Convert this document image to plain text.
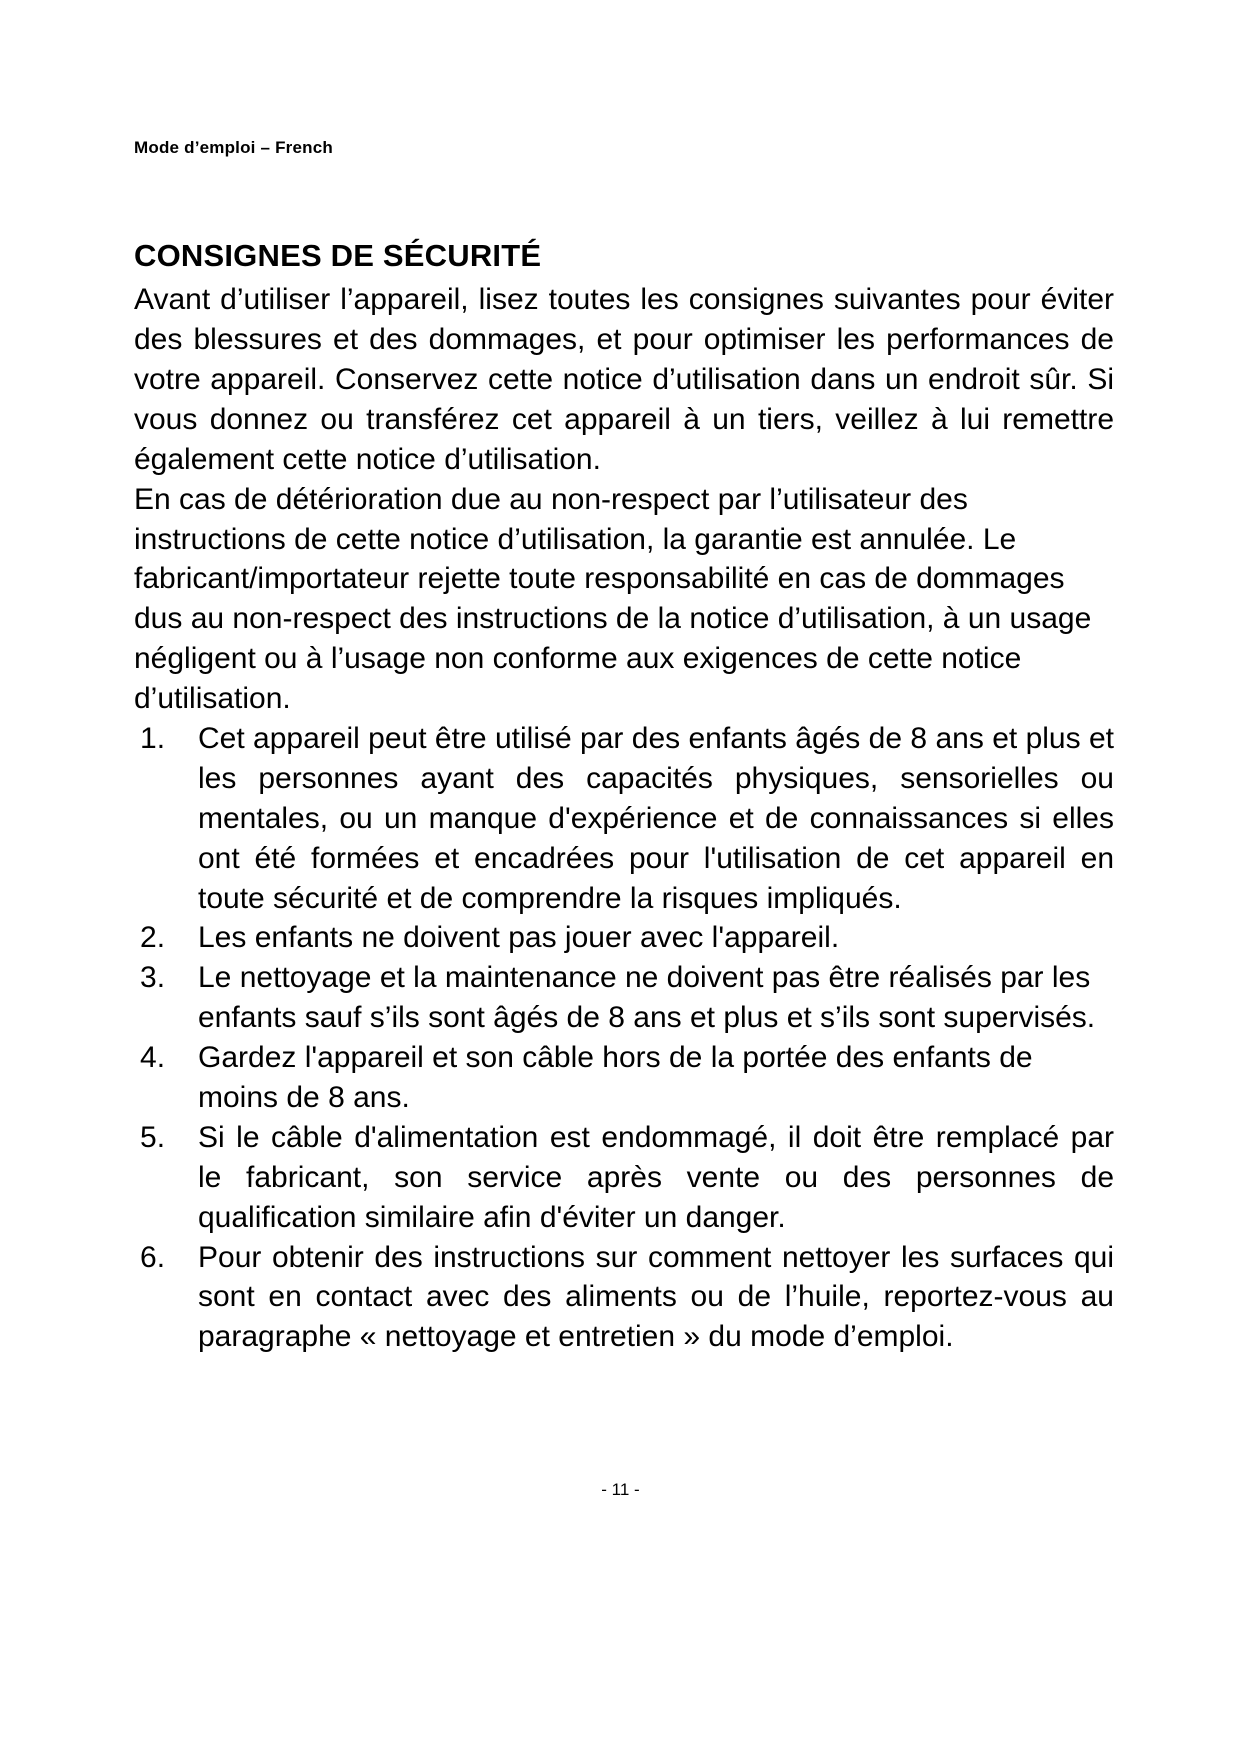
Mode d’emploi – French
CONSIGNES DE SÉCURITÉ

Avant d’utiliser l’appareil, lisez toutes les consignes suivantes pour éviter des blessures et des dommages, et pour optimiser les performances de votre appareil. Conservez cette notice d’utilisation dans un endroit sûr. Si vous donnez ou transférez cet appareil à un tiers, veillez à lui remettre également cette notice d’utilisation.

En cas de détérioration due au non-respect par l’utilisateur des instructions de cette notice d’utilisation, la garantie est annulée. Le fabricant/importateur rejette toute responsabilité en cas de dommages dus au non-respect des instructions de la notice d’utilisation, à un usage négligent ou à l’usage non conforme aux exigences de cette notice d’utilisation.

Cet appareil peut être utilisé par des enfants âgés de 8 ans et plus et les personnes ayant des capacités physiques, sensorielles ou mentales, ou un manque d'expérience et de connaissances si elles ont été formées et encadrées pour l'utilisation de cet appareil en toute sécurité et de comprendre la risques impliqués.
Les enfants ne doivent pas jouer avec l'appareil.
Le nettoyage et la maintenance ne doivent pas être réalisés par les enfants sauf s’ils sont âgés de 8 ans et plus et s’ils sont supervisés.
Gardez l'appareil et son câble hors de la portée des enfants de moins de 8 ans.
Si le câble d'alimentation est endommagé, il doit être remplacé par le fabricant, son service après vente ou des personnes de qualification similaire afin d'éviter un danger.
Pour obtenir des instructions sur comment nettoyer les surfaces qui sont en contact avec des aliments ou de l’huile, reportez-vous au paragraphe « nettoyage et entretien » du mode d’emploi.
- 11 -
